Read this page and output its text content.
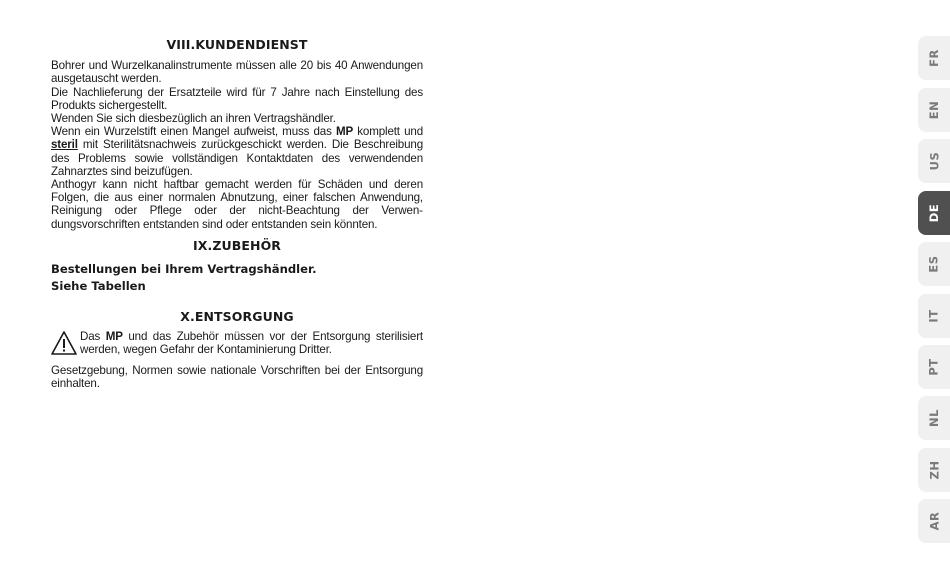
VIII.KUNDENDIENST

Bohrer und Wurzelkanalinstrumente müssen alle 20 bis 40 Anwendungen ausgetauscht werden.

Die Nachlieferung der Ersatzteile wird für 7 Jahre nach Einstellung des Produkts sichergestellt.

Wenden Sie sich diesbezüglich an ihren Vertragshändler.

Wenn ein Wurzelstift einen Mangel aufweist, muss das MP komplett und steril mit Sterilitätsnachweis zurückgeschickt werden. Die Beschreibung des Problems sowie vollständigen Kontaktdaten des verwendenden Zahnarztes sind beizufügen.

Anthogyr kann nicht haftbar gemacht werden für Schäden und deren Folgen, die aus einer normalen Abnutzung, einer falschen Anwendung, Reinigung oder Pflege oder der nicht-Beachtung der Verwendungsvorschriften entstanden sind oder entstanden sein könnten.

IX.ZUBEHÖR
Bestellungen bei Ihrem Vertragshändler.
Siehe Tabellen
X.ENTSORGUNG

Das MP und das Zubehör müssen vor der Entsorgung sterilisiert werden, wegen Gefahr der Kontaminierung Dritter.

Gesetzgebung, Normen sowie nationale Vorschriften bei der Entsorgung einhalten.

FR
EN
US
DE
ES
IT
PT
NL
ZH
AR
